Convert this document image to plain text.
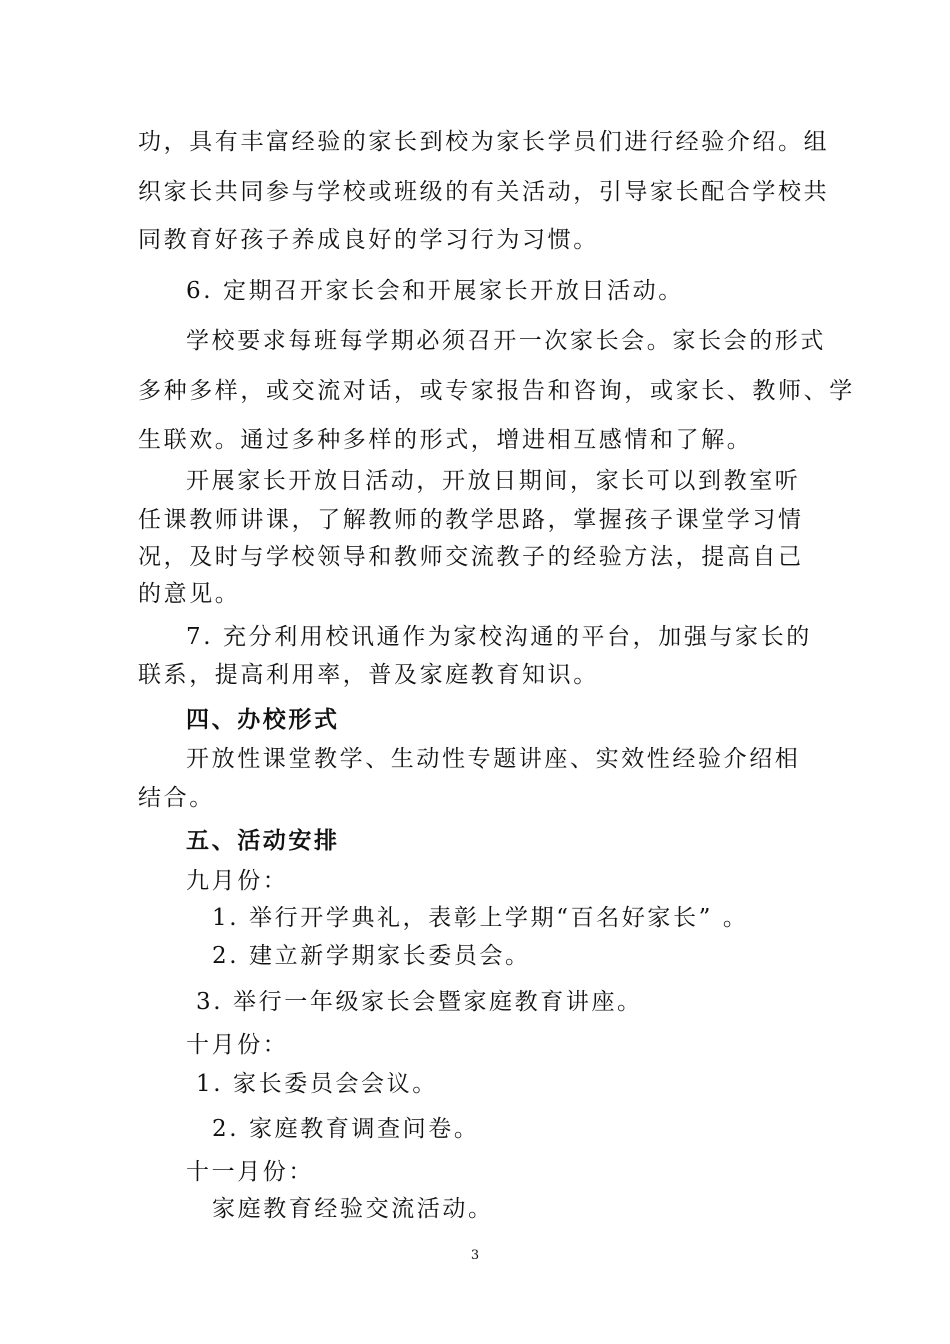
功，具有丰富经验的家长到校为家长学员们进行经验介绍。组
织家长共同参与学校或班级的有关活动，引导家长配合学校共
同教育好孩子养成良好的学习行为习惯。
6. 定期召开家长会和开展家长开放日活动。
学校要求每班每学期必须召开一次家长会。家长会的形式
多种多样，或交流对话，或专家报告和咨询，或家长、教师、学
生联欢。通过多种多样的形式，增进相互感情和了解。
开展家长开放日活动，开放日期间，家长可以到教室听
任课教师讲课，了解教师的教学思路，掌握孩子课堂学习情
况，及时与学校领导和教师交流教子的经验方法，提高自己
的意见。
7. 充分利用校讯通作为家校沟通的平台，加强与家长的
联系，提高利用率，普及家庭教育知识。
四、办校形式
开放性课堂教学、生动性专题讲座、实效性经验介绍相
结合。
五、活动安排
九月份：
1. 举行开学典礼，表彰上学期“百名好家长” 。
2. 建立新学期家长委员会。
3. 举行一年级家长会暨家庭教育讲座。
十月份：
1. 家长委员会会议。
2. 家庭教育调查问卷。
十一月份：
家庭教育经验交流活动。
3
